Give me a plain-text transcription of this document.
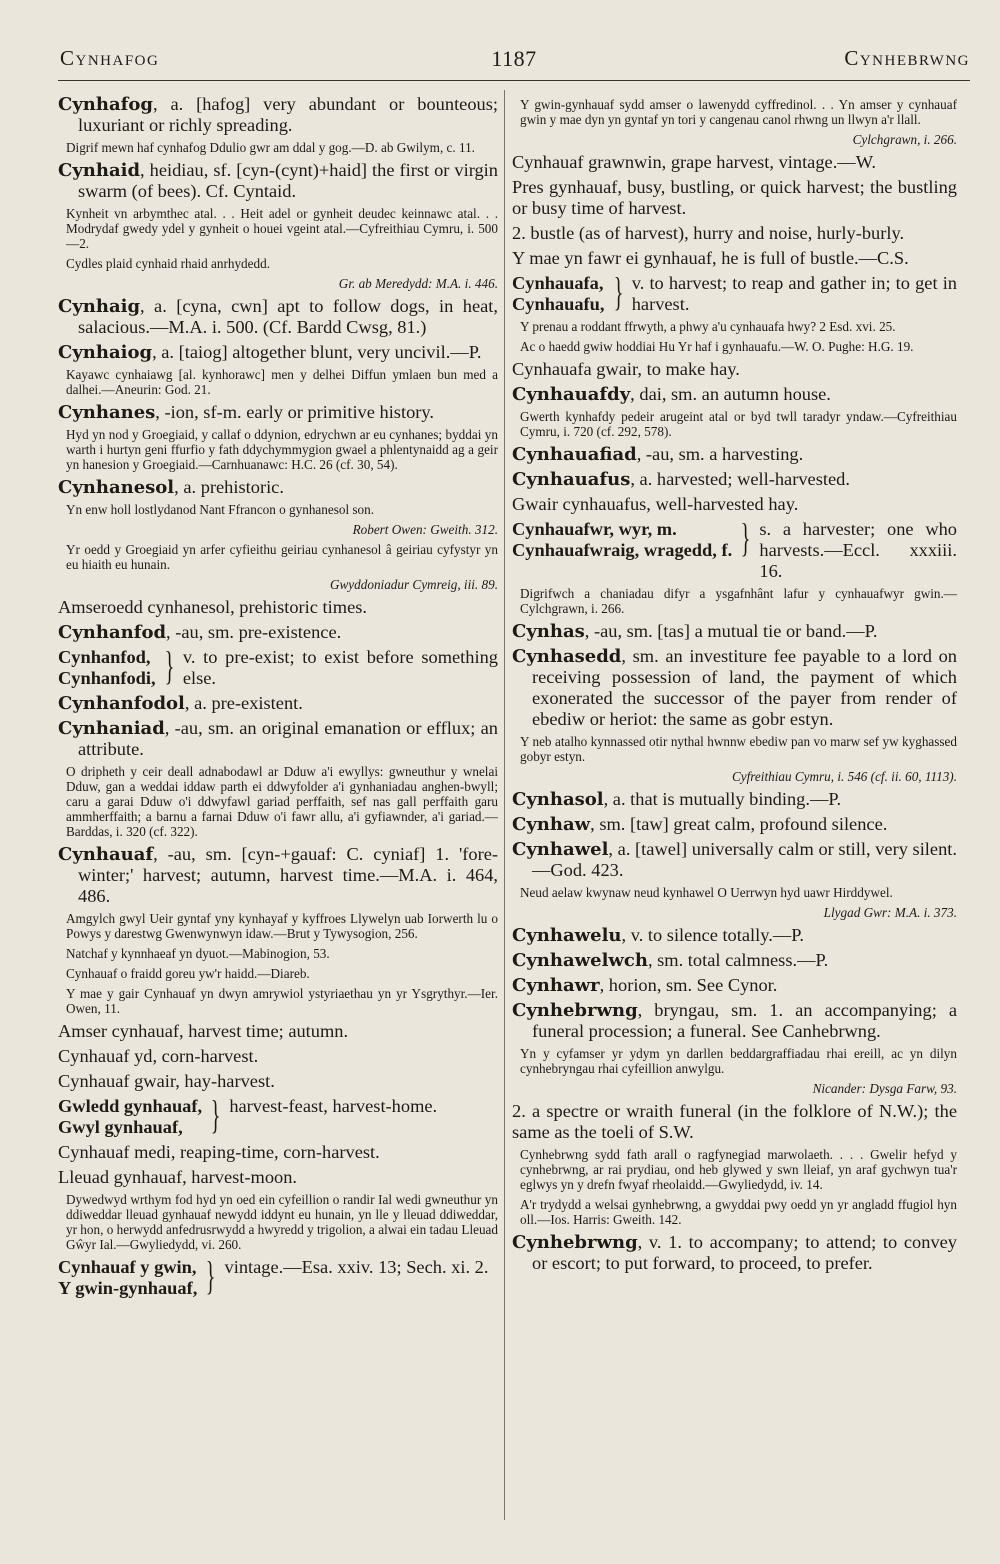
Cynhafog	1187	Cynhebrwng

Cynhafog, a. [hafog] very abundant or bounteous; luxuriant or richly spreading.

Digrif mewn haf cynhafog Ddulio gwr am ddal y gog.—D. ab Gwilym, c. 11.

Cynhaid, heidiau, sf. [cyn-(cynt)+haid] the first or virgin swarm (of bees). Cf. Cyntaid.

Kynheit vn arbymthec atal. . . Heit adel or gynheit deudec keinnawc atal. . . Modrydaf gwedy ydel y gynheit o houei vgeint atal.—Cyfreithiau Cymru, i. 500—2.

Cydles plaid cynhaid rhaid anrhydedd.

Gr. ab Meredydd: M.A. i. 446.

Cynhaig, a. [cyna, cwn] apt to follow dogs, in heat, salacious.—M.A. i. 500. (Cf. Bardd Cwsg, 81.)

Cynhaiog, a. [taiog] altogether blunt, very uncivil.—P.

Kayawc cynhaiawg [al. kynhorawc] men y delhei Diffun ymlaen bun med a dalhei.—Aneurin: God. 21.

Cynhanes, -ion, sf-m. early or primitive history.

Hyd yn nod y Groegiaid, y callaf o ddynion, edrychwn ar eu cynhanes; byddai yn warth i hurtyn geni ffurfio y fath ddychymmygion gwael a phlentynaidd ag a geir yn hanesion y Groegiaid.—Carnhuanawc: H.C. 26 (cf. 30, 54).

Cynhanesol, a. prehistoric.

Yn enw holl lostlydanod Nant Ffrancon o gynhanesol son.

Robert Owen: Gweith. 312.

Yr oedd y Groegiaid yn arfer cyfieithu geiriau cynhanesol â geiriau cyfystyr yn eu hiaith eu hunain.

Gwyddoniadur Cymreig, iii. 89.

Amseroedd cynhanesol, prehistoric times.

Cynhanfod, -au, sm. pre-existence.

Cynhanfod,
Cynhanfodi, } v. to pre-exist; to exist before something else.

Cynhanfodol, a. pre-existent.

Cynhaniad, -au, sm. an original emanation or efflux; an attribute.

O dripheth y ceir deall adnabodawl ar Dduw a'i ewyllys: gwneuthur y wnelai Dduw, gan a weddai iddaw parth ei ddwyfolder a'i gynhaniadau anghen-bwyll; caru a garai Dduw o'i ddwyfawl gariad perffaith, sef nas gall perffaith garu ammherffaith; a barnu a farnai Dduw o'i fawr allu, a'i gyfiawnder, a'i gariad.—Barddas, i. 320 (cf. 322).

Cynhauaf, -au, sm. [cyn-+gauaf: C. cyniaf] 1. 'fore-winter;' harvest; autumn, harvest time.—M.A. i. 464, 486.

Amgylch gwyl Ueir gyntaf yny kynhayaf y kyffroes Llywelyn uab Iorwerth lu o Powys y darestwg Gwenwynwyn idaw.—Brut y Tywysogion, 256.

Natchaf y kynnhaeaf yn dyuot.—Mabinogion, 53.

Cynhauaf o fraidd goreu yw'r haidd.—Diareb.

Y mae y gair Cynhauaf yn dwyn amrywiol ystyriaethau yn yr Ysgrythyr.—Ier. Owen, 11.

Amser cynhauaf, harvest time; autumn.

Cynhauaf yd, corn-harvest.

Cynhauaf gwair, hay-harvest.

Gwledd gynhauaf,
Gwyl gynhauaf, } harvest-feast, harvest-home.

Cynhauaf medi, reaping-time, corn-harvest.

Lleuad gynhauaf, harvest-moon.

Dywedwyd wrthym fod hyd yn oed ein cyfeillion o randir Ial wedi gwneuthur yn ddiweddar lleuad gynhauaf newydd iddynt eu hunain, yn lle y lleuad ddiweddar, yr hon, o herwydd anfedrusrwydd a hwyredd y trigolion, a alwai ein tadau Lleuad Gŵyr Ial.—Gwyliedydd, vi. 260.

Cynhauaf y gwin,
Y gwin-gynhauaf, } vintage.—Esa. xxiv. 13; Sech. xi. 2.

Y gwin-gynhauaf sydd amser o lawenydd cyffredinol. . . Yn amser y cynhauaf gwin y mae dyn yn gyntaf yn tori y cangenau canol rhwng un llwyn a'r llall.

Cylchgrawn, i. 266.

Cynhauaf grawnwin, grape harvest, vintage.—W.

Pres gynhauaf, busy, bustling, or quick harvest; the bustling or busy time of harvest.

2. bustle (as of harvest), hurry and noise, hurly-burly.

Y mae yn fawr ei gynhauaf, he is full of bustle.—C.S.

Cynhauafa,
Cynhauafu, } v. to harvest; to reap and gather in; to get in harvest.

Y prenau a roddant ffrwyth, a phwy a'u cynhauafa hwy? 2 Esd. xvi. 25.

Ac o haedd gwiw hoddiai Hu Yr haf i gynhauafu.—W. O. Pughe: H.G. 19.

Cynhauafa gwair, to make hay.

Cynhauafdy, dai, sm. an autumn house.

Gwerth kynhafdy pedeir arugeint atal or byd twll taradyr yndaw.—Cyfreithiau Cymru, i. 720 (cf. 292, 578).

Cynhauafiad, -au, sm. a harvesting.

Cynhauafus, a. harvested; well-harvested.

Gwair cynhauafus, well-harvested hay.

Cynhauafwr, wyr, m.
Cynhauafwraig, wragedd, f. } s. a harvester; one who harvests.—Eccl. xxxiii. 16.

Digrifwch a chaniadau difyr a ysgafnhânt lafur y cynhauafwyr gwin.—Cylchgrawn, i. 266.

Cynhas, -au, sm. [tas] a mutual tie or band.—P.

Cynhasedd, sm. an investiture fee payable to a lord on receiving possession of land, the payment of which exonerated the successor of the payer from render of ebediw or heriot: the same as gobr estyn.

Y neb atalho kynnassed otir nythal hwnnw ebediw pan vo marw sef yw kyghassed gobyr estyn.

Cyfreithiau Cymru, i. 546 (cf. ii. 60, 1113).

Cynhasol, a. that is mutually binding.—P.

Cynhaw, sm. [taw] great calm, profound silence.

Cynhawel, a. [tawel] universally calm or still, very silent.—God. 423.

Neud aelaw kwynaw neud kynhawel O Uerrwyn hyd uawr Hirddywel.

Llygad Gwr: M.A. i. 373.

Cynhawelu, v. to silence totally.—P.

Cynhawelwch, sm. total calmness.—P.

Cynhawr, horion, sm. See Cynor.

Cynhebrwng, bryngau, sm. 1. an accompanying; a funeral procession; a funeral. See Canhebrwng.

Yn y cyfamser yr ydym yn darllen beddargraffiadau rhai ereill, ac yn dilyn cynhebryngau rhai cyfeillion anwylgu.

Nicander: Dysga Farw, 93.

2. a spectre or wraith funeral (in the folklore of N.W.); the same as the toeli of S.W.

Cynhebrwng sydd fath arall o ragfynegiad marwolaeth. . . . Gwelir hefyd y cynhebrwng, ar rai prydiau, ond heb glywed y swn lleiaf, yn araf gychwyn tua'r eglwys yn y drefn fwyaf rheolaidd.—Gwyliedydd, iv. 14.

A'r trydydd a welsai gynhebrwng, a gwyddai pwy oedd yn yr angladd ffugiol hyn oll.—Ios. Harris: Gweith. 142.

Cynhebrwng, v. 1. to accompany; to attend; to convey or escort; to put forward, to proceed, to prefer.
